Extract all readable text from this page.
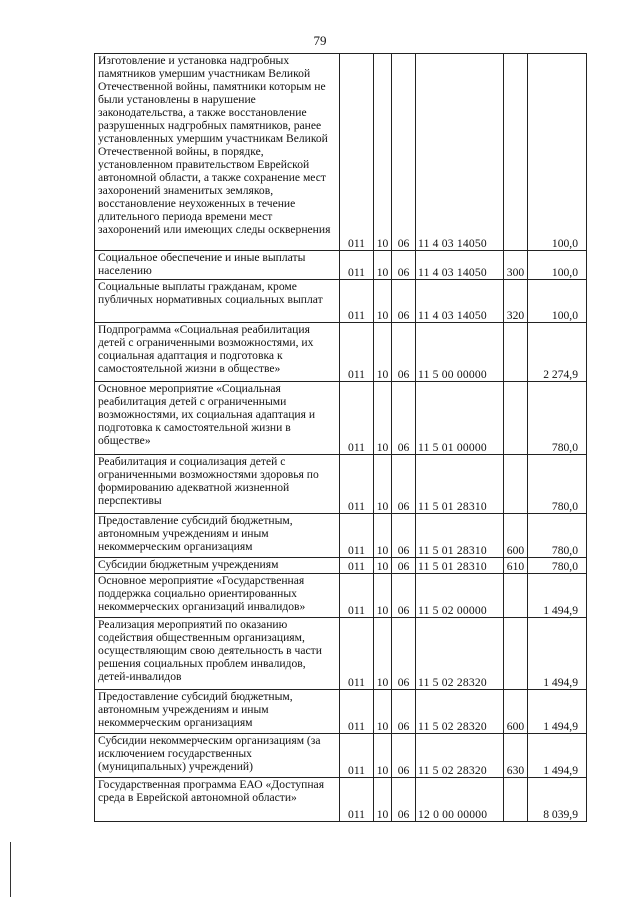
79
Изготовление и установка надгробных памятников умершим участникам Великой Отечественной войны, памятники которым не были установлены в нарушение законодательства, а также восстановление разрушенных надгробных памятников, ранее установленных умершим участникам Великой Отечественной войны, в порядке, установленном правительством Еврейской автономной области, а также сохранение мест захоронений знаменитых земляков, восстановление неухоженных в течение длительного периода времени мест захоронений или имеющих следы осквернения	011	10	06	11 4 03 14050		100,0
Социальное обеспечение и иные выплаты населению	011	10	06	11 4 03 14050	300	100,0
Социальные выплаты гражданам, кроме публичных нормативных социальных выплат	011	10	06	11 4 03 14050	320	100,0
Подпрограмма «Социальная реабилитация детей с ограниченными возможностями, их социальная адаптация и подготовка к самостоятельной жизни в обществе»	011	10	06	11 5 00 00000		2 274,9
Основное мероприятие «Социальная реабилитация детей с ограниченными возможностями, их социальная адаптация и подготовка к самостоятельной жизни в обществе»	011	10	06	11 5 01 00000		780,0
Реабилитация и социализация детей с ограниченными возможностями здоровья по формированию адекватной жизненной перспективы	011	10	06	11 5 01 28310		780,0
Предоставление субсидий бюджетным, автономным учреждениям и иным некоммерческим организациям	011	10	06	11 5 01 28310	600	780,0
Субсидии бюджетным учреждениям	011	10	06	11 5 01 28310	610	780,0
Основное мероприятие «Государственная поддержка социально ориентированных некоммерческих организаций инвалидов»	011	10	06	11 5 02 00000		1 494,9
Реализация мероприятий по оказанию содействия общественным организациям, осуществляющим свою деятельность в части решения социальных проблем инвалидов, детей-инвалидов	011	10	06	11 5 02 28320		1 494,9
Предоставление субсидий бюджетным, автономным учреждениям и иным некоммерческим организациям	011	10	06	11 5 02 28320	600	1 494,9
Субсидии некоммерческим организациям (за исключением государственных (муниципальных) учреждений)	011	10	06	11 5 02 28320	630	1 494,9
Государственная программа ЕАО «Доступная среда в Еврейской автономной области»	011	10	06	12 0 00 00000		8 039,9
